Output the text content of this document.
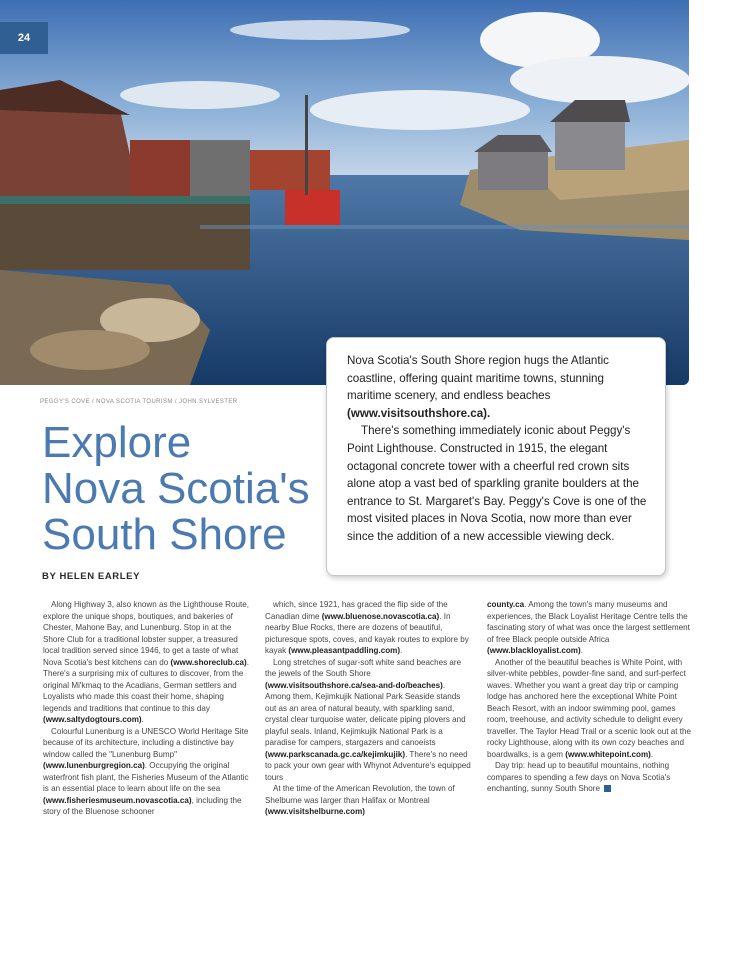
24
PEGGY'S COVE / NOVA SCOTIA TOURISM / JOHN SYLVESTER
Explore
Nova Scotia's
South Shore
BY HELEN EARLEY

Nova Scotia's South Shore region hugs the Atlantic coastline, offering quaint maritime towns, stunning maritime scenery, and endless beaches (www.visitsouthshore.ca).

There's something immediately iconic about Peggy's Point Lighthouse. Constructed in 1915, the elegant octagonal concrete tower with a cheerful red crown sits alone atop a vast bed of sparkling granite boulders at the entrance to St. Margaret's Bay. Peggy's Cove is one of the most visited places in Nova Scotia, now more than ever since the addition of a new accessible viewing deck.

Along Highway 3, also known as the Lighthouse Route, explore the unique shops, boutiques, and bakeries of Chester, Mahone Bay, and Lunenburg. Stop in at the Shore Club for a traditional lobster supper, a treasured local tradition served since 1946, to get a taste of what Nova Scotia's best kitchens can do (www.shoreclub.ca). There's a surprising mix of cultures to discover, from the original Mi'kmaq to the Acadians, German settlers and Loyalists who made this coast their home, shaping legends and traditions that continue to this day (www.saltydogtours.com).

Colourful Lunenburg is a UNESCO World Heritage Site because of its architecture, including a distinctive bay window called the "Lunenburg Bump" (www.lunenburgregion.ca). Occupying the original waterfront fish plant, the Fisheries Museum of the Atlantic is an essential place to learn about life on the sea (www.fisheriesmuseum.novascotia.ca), including the story of the Bluenose schooner

which, since 1921, has graced the flip side of the Canadian dime (www.bluenose.novascotia.ca). In nearby Blue Rocks, there are dozens of beautiful, picturesque spots, coves, and kayak routes to explore by kayak (www.pleasantpaddling.com).

Long stretches of sugar-soft white sand beaches are the jewels of the South Shore (www.visitsouthshore.ca/sea-and-do/beaches). Among them, Kejimkujik National Park Seaside stands out as an area of natural beauty, with sparkling sand, crystal clear turquoise water, delicate piping plovers and playful seals. Inland, Kejimkujik National Park is a paradise for campers, stargazers and canoeists (www.parkscanada.gc.ca/kejimkujik). There's no need to pack your own gear with Whynot Adventure's equipped tours

At the time of the American Revolution, the town of Shelburne was larger than Halifax or Montreal (www.visitshelburne.com)

county.ca. Among the town's many museums and experiences, the Black Loyalist Heritage Centre tells the fascinating story of what was once the largest settlement of free Black people outside Africa (www.blackloyalist.com).

Another of the beautiful beaches is White Point, with silver-white pebbles, powder-fine sand, and surf-perfect waves. Whether you want a great day trip or camping lodge has anchored here the exceptional White Point Beach Resort, with an indoor swimming pool, games room, treehouse, and activity schedule to delight every traveller. The Taylor Head Trail or a scenic look out at the rocky Lighthouse, along with its own cozy beaches and boardwalks, is a gem (www.whitepoint.com).

Day trip: head up to beautiful mountains, nothing compares to spending a few days on Nova Scotia's enchanting, sunny South Shore
